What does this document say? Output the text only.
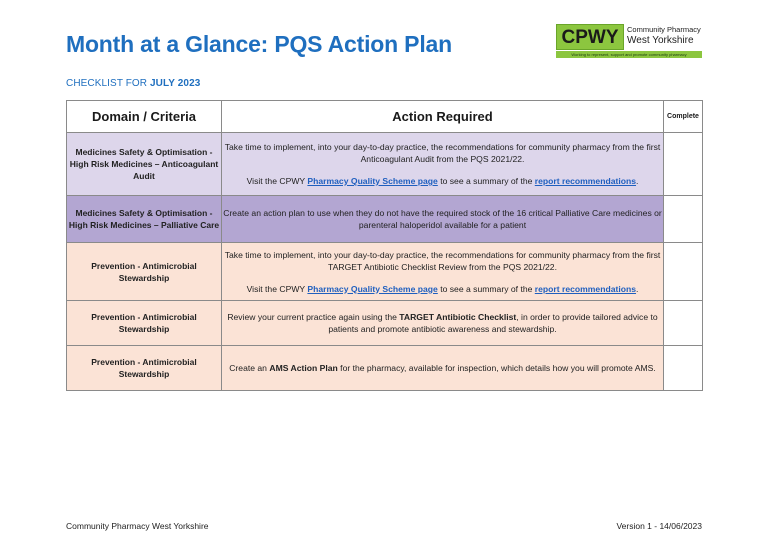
Month at a Glance: PQS Action Plan	CPWY	Community Pharmacy
West Yorkshire
Working to represent, support and promote community pharmacy
CHECKLIST FOR JULY 2023
Domain / Criteria	Action Required	Complete
Medicines Safety & Optimisation - High Risk Medicines – Anticoagulant Audit	Take time to implement, into your day-to-day practice, the recommendations for community pharmacy from the first Anticoagulant Audit from the PQS 2021/22.

Visit the CPWY Pharmacy Quality Scheme page to see a summary of the report recommendations.	

Medicines Safety & Optimisation - High Risk Medicines – Palliative Care	Create an action plan to use when they do not have the required stock of the 16 critical Palliative Care medicines or parenteral haloperidol available for a patient	

Prevention - Antimicrobial Stewardship	Take time to implement, into your day-to-day practice, the recommendations for community pharmacy from the first TARGET Antibiotic Checklist Review from the PQS 2021/22.

Visit the CPWY Pharmacy Quality Scheme page to see a summary of the report recommendations.	

Prevention - Antimicrobial Stewardship	Review your current practice again using the TARGET Antibiotic Checklist, in order to provide tailored advice to patients and promote antibiotic awareness and stewardship.	

Prevention - Antimicrobial Stewardship	Create an AMS Action Plan for the pharmacy, available for inspection, which details how you will promote AMS.	

Community Pharmacy West Yorkshire	Version 1 - 14/06/2023
